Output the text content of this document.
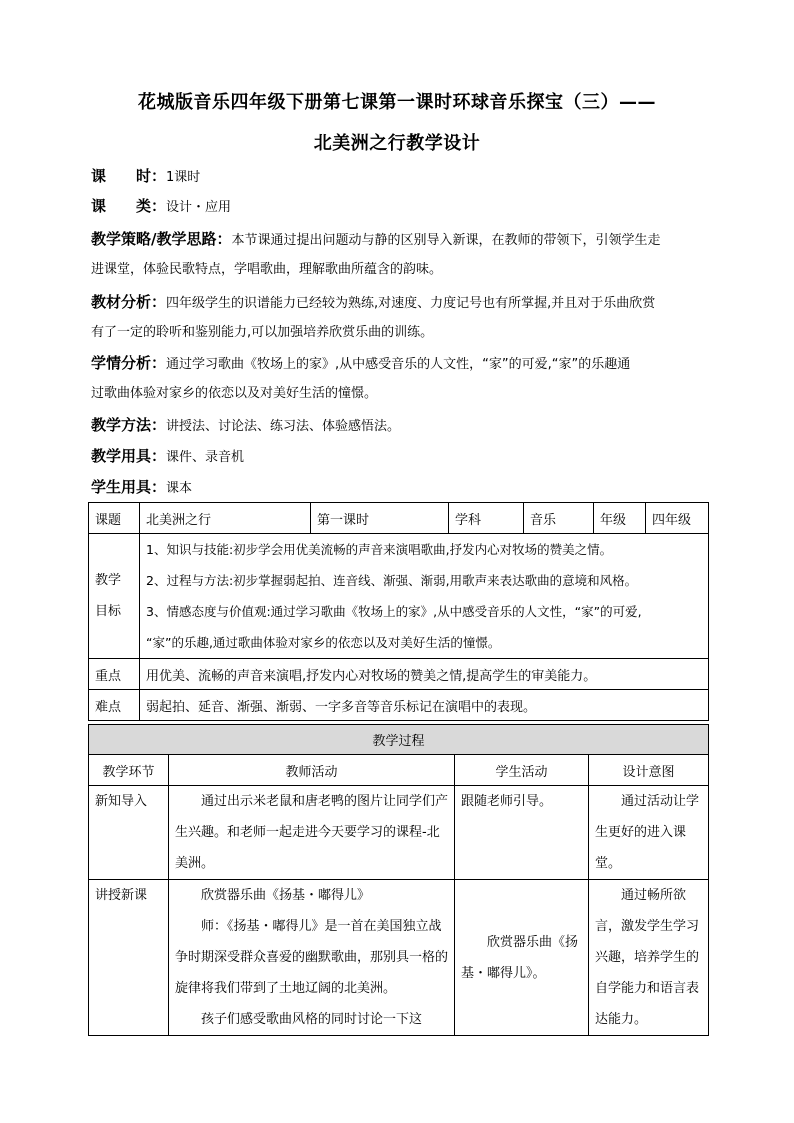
花城版音乐四年级下册第七课第一课时环球音乐探宝（三）——
北美洲之行教学设计
课　　时：1课时
课　　类：设计・应用
教学策略/教学思路：本节课通过提出问题动与静的区别导入新课，在教师的带领下，引领学生走
进课堂，体验民歌特点，学唱歌曲，理解歌曲所蕴含的韵味。
教材分析：四年级学生的识谱能力已经较为熟练,对速度、力度记号也有所掌握,并且对于乐曲欣赏
有了一定的聆听和鉴别能力,可以加强培养欣赏乐曲的训练。
学情分析：通过学习歌曲《牧场上的家》,从中感受音乐的人文性，“家”的可爱,“家”的乐趣通
过歌曲体验对家乡的依恋以及对美好生活的憧憬。
教学方法：讲授法、讨论法、练习法、体验感悟法。
教学用具：课件、录音机
学生用具：课本
课题	北美洲之行	第一课时	学科	音乐	年级	四年级
教学目标	1、知识与技能:初步学会用优美流畅的声音来演唱歌曲,抒发内心对牧场的赞美之情。
2、过程与方法:初步掌握弱起拍、连音线、渐强、渐弱,用歌声来表达歌曲的意境和风格。
3、情感态度与价值观:通过学习歌曲《牧场上的家》,从中感受音乐的人文性，“家”的可爱,
“家”的乐趣,通过歌曲体验对家乡的依恋以及对美好生活的憧憬。					

重点	用优美、流畅的声音来演唱,抒发内心对牧场的赞美之情,提高学生的审美能力。					
难点	弱起拍、延音、渐强、渐弱、一字多音等音乐标记在演唱中的表现。					
教学过程			
教学环节	教师活动	学生活动	设计意图
新知导入	通过出示米老鼠和唐老鸭的图片让同学们产生兴趣。和老师一起走进今天要学习的课程-北美洲。	跟随老师引导。	通过活动让学生更好的进入课堂。
讲授新课	欣赏器乐曲《扬基・嘟得儿》
师：《扬基・嘟得儿》是一首在美国独立战争时期深受群众喜爱的幽默歌曲，那别具一格的旋律将我们带到了土地辽阔的北美洲。
孩子们感受歌曲风格的同时讨论一下这	欣赏器乐曲《扬基・嘟得儿》。	通过畅所欲言，激发学生学习兴趣，培养学生的自学能力和语言表达能力。
